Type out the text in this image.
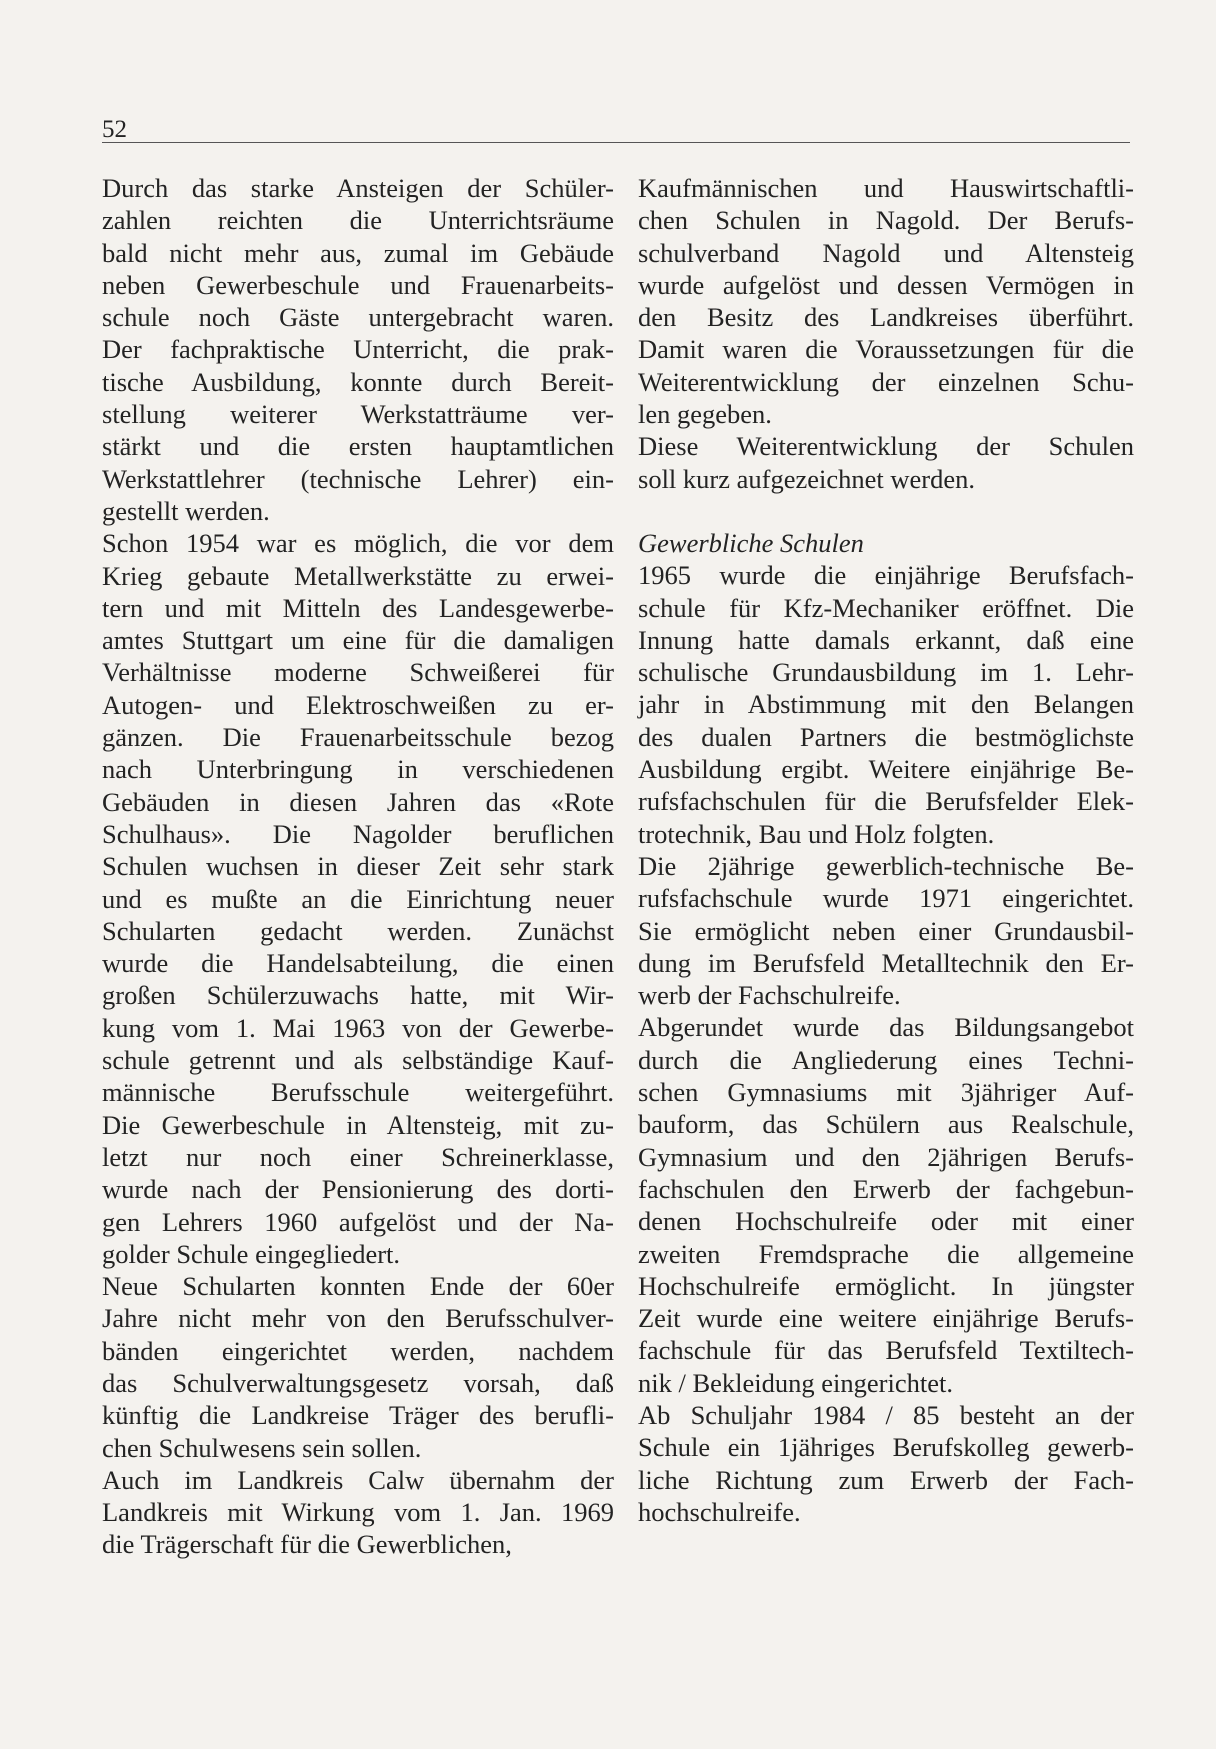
52
Durch das starke Ansteigen der Schüler-
zahlen reichten die Unterrichtsräume
bald nicht mehr aus, zumal im Gebäude
neben Gewerbeschule und Frauenarbeits-
schule noch Gäste untergebracht waren.
Der fachpraktische Unterricht, die prak-
tische Ausbildung, konnte durch Bereit-
stellung weiterer Werkstatträume ver-
stärkt und die ersten hauptamtlichen
Werkstattlehrer (technische Lehrer) ein-
gestellt werden.
Schon 1954 war es möglich, die vor dem
Krieg gebaute Metallwerkstätte zu erwei-
tern und mit Mitteln des Landesgewerbe-
amtes Stuttgart um eine für die damaligen
Verhältnisse moderne Schweißerei für
Autogen- und Elektroschweißen zu er-
gänzen. Die Frauenarbeitsschule bezog
nach Unterbringung in verschiedenen
Gebäuden in diesen Jahren das «Rote
Schulhaus». Die Nagolder beruflichen
Schulen wuchsen in dieser Zeit sehr stark
und es mußte an die Einrichtung neuer
Schularten gedacht werden. Zunächst
wurde die Handelsabteilung, die einen
großen Schülerzuwachs hatte, mit Wir-
kung vom 1. Mai 1963 von der Gewerbe-
schule getrennt und als selbständige Kauf-
männische Berufsschule weitergeführt.
Die Gewerbeschule in Altensteig, mit zu-
letzt nur noch einer Schreinerklasse,
wurde nach der Pensionierung des dorti-
gen Lehrers 1960 aufgelöst und der Na-
golder Schule eingegliedert.
Neue Schularten konnten Ende der 60er
Jahre nicht mehr von den Berufsschulver-
bänden eingerichtet werden, nachdem
das Schulverwaltungsgesetz vorsah, daß
künftig die Landkreise Träger des berufli-
chen Schulwesens sein sollen.
Auch im Landkreis Calw übernahm der
Landkreis mit Wirkung vom 1. Jan. 1969
die Trägerschaft für die Gewerblichen,
Kaufmännischen und Hauswirtschaftli-
chen Schulen in Nagold. Der Berufs-
schulverband Nagold und Altensteig
wurde aufgelöst und dessen Vermögen in
den Besitz des Landkreises überführt.
Damit waren die Voraussetzungen für die
Weiterentwicklung der einzelnen Schu-
len gegeben.
Diese Weiterentwicklung der Schulen
soll kurz aufgezeichnet werden.
Gewerbliche Schulen
1965 wurde die einjährige Berufsfach-
schule für Kfz-Mechaniker eröffnet. Die
Innung hatte damals erkannt, daß eine
schulische Grundausbildung im 1. Lehr-
jahr in Abstimmung mit den Belangen
des dualen Partners die bestmöglichste
Ausbildung ergibt. Weitere einjährige Be-
rufsfachschulen für die Berufsfelder Elek-
trotechnik, Bau und Holz folgten.
Die 2jährige gewerblich-technische Be-
rufsfachschule wurde 1971 eingerichtet.
Sie ermöglicht neben einer Grundausbil-
dung im Berufsfeld Metalltechnik den Er-
werb der Fachschulreife.
Abgerundet wurde das Bildungsangebot
durch die Angliederung eines Techni-
schen Gymnasiums mit 3jähriger Auf-
bauform, das Schülern aus Realschule,
Gymnasium und den 2jährigen Berufs-
fachschulen den Erwerb der fachgebun-
denen Hochschulreife oder mit einer
zweiten Fremdsprache die allgemeine
Hochschulreife ermöglicht. In jüngster
Zeit wurde eine weitere einjährige Berufs-
fachschule für das Berufsfeld Textiltech-
nik / Bekleidung eingerichtet.
Ab Schuljahr 1984 / 85 besteht an der
Schule ein 1jähriges Berufskolleg gewerb-
liche Richtung zum Erwerb der Fach-
hochschulreife.
